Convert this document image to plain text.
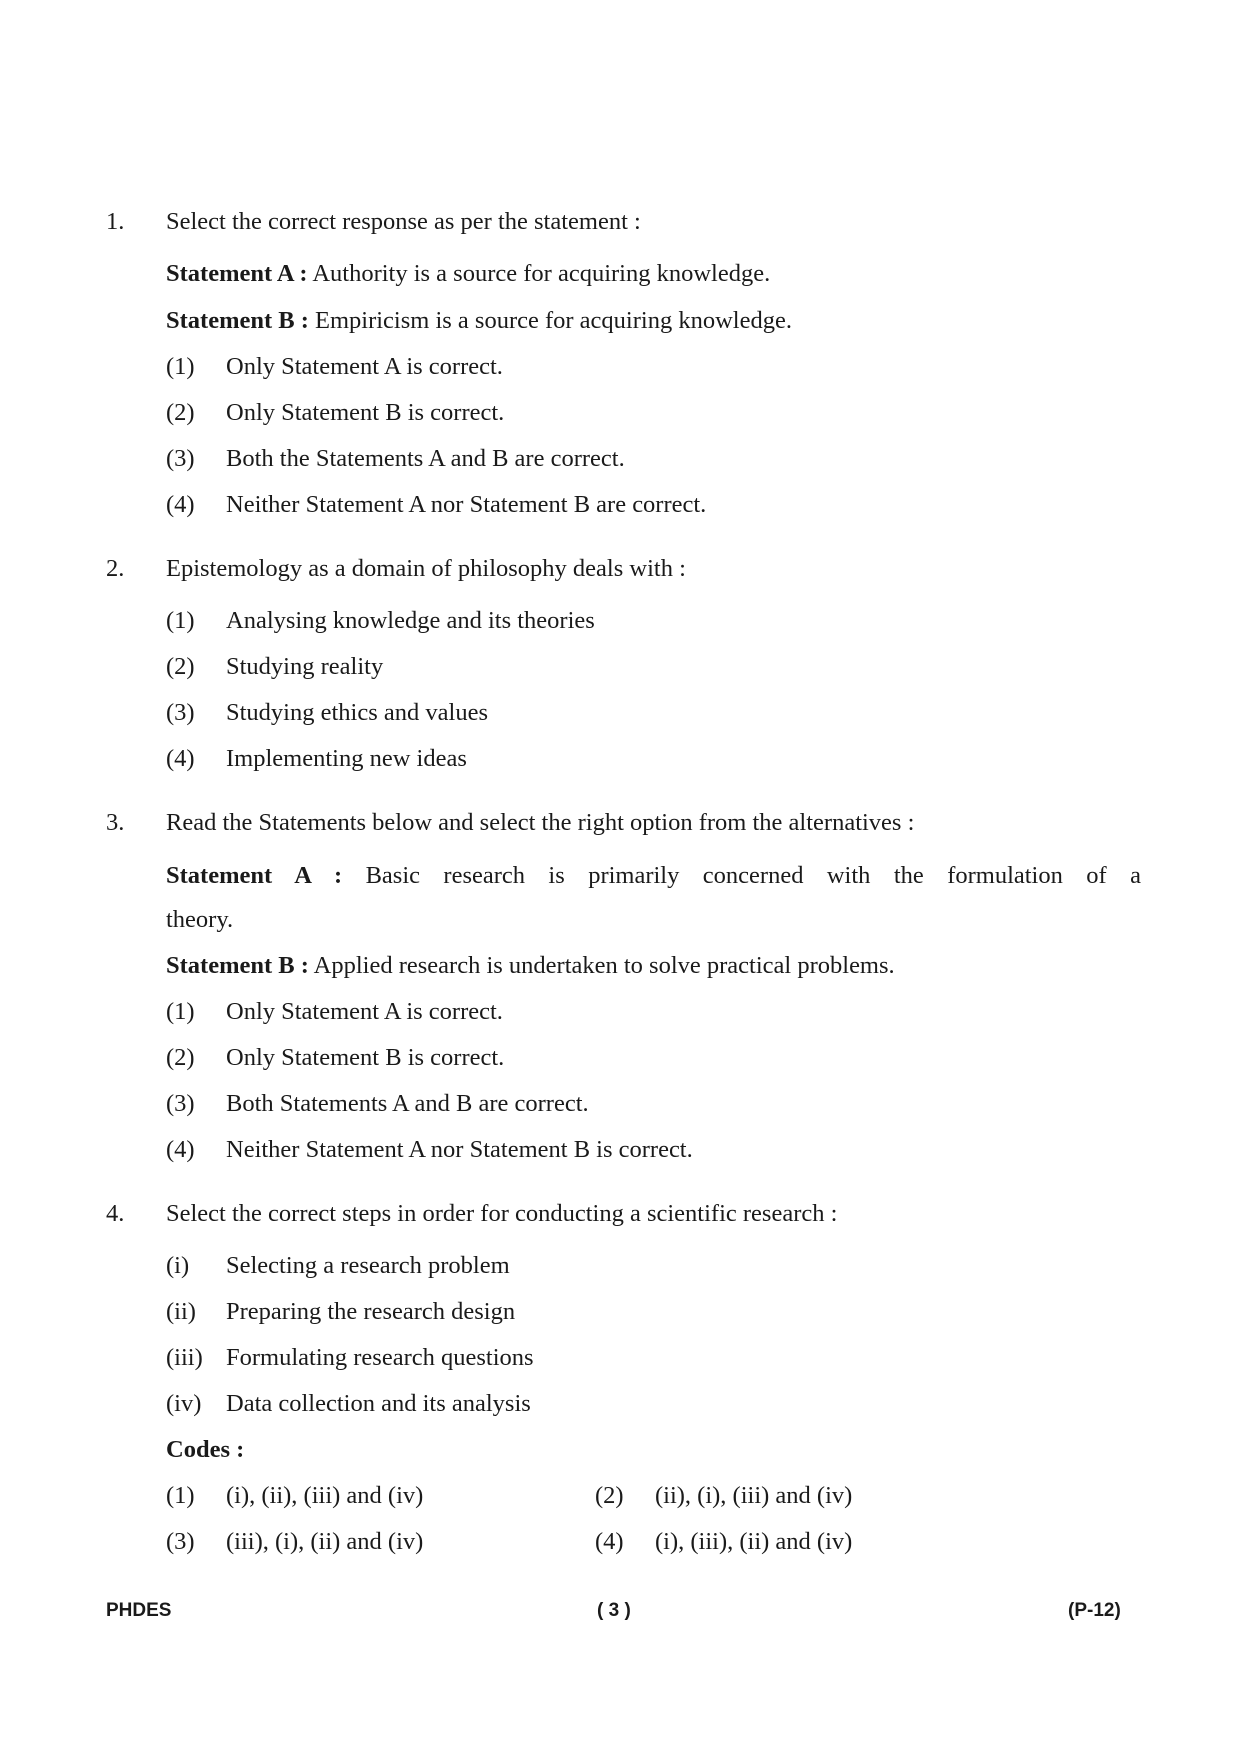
1. Select the correct response as per the statement :
Statement A : Authority is a source for acquiring knowledge.
Statement B : Empiricism is a source for acquiring knowledge.
(1) Only Statement A is correct.
(2) Only Statement B is correct.
(3) Both the Statements A and B are correct.
(4) Neither Statement A nor Statement B are correct.
2. Epistemology as a domain of philosophy deals with :
(1) Analysing knowledge and its theories
(2) Studying reality
(3) Studying ethics and values
(4) Implementing new ideas
3. Read the Statements below and select the right option from the alternatives :
Statement A : Basic research is primarily concerned with the formulation of a
theory.
Statement B : Applied research is undertaken to solve practical problems.
(1) Only Statement A is correct.
(2) Only Statement B is correct.
(3) Both Statements A and B are correct.
(4) Neither Statement A nor Statement B is correct.
4. Select the correct steps in order for conducting a scientific research :
(i) Selecting a research problem
(ii) Preparing the research design
(iii) Formulating research questions
(iv) Data collection and its analysis
Codes :
(1) (i), (ii), (iii) and (iv)	(2) (ii), (i), (iii) and (iv)
(3) (iii), (i), (ii) and (iv)	(4) (i), (iii), (ii) and (iv)
PHDES	( 3 )	(P-12)
